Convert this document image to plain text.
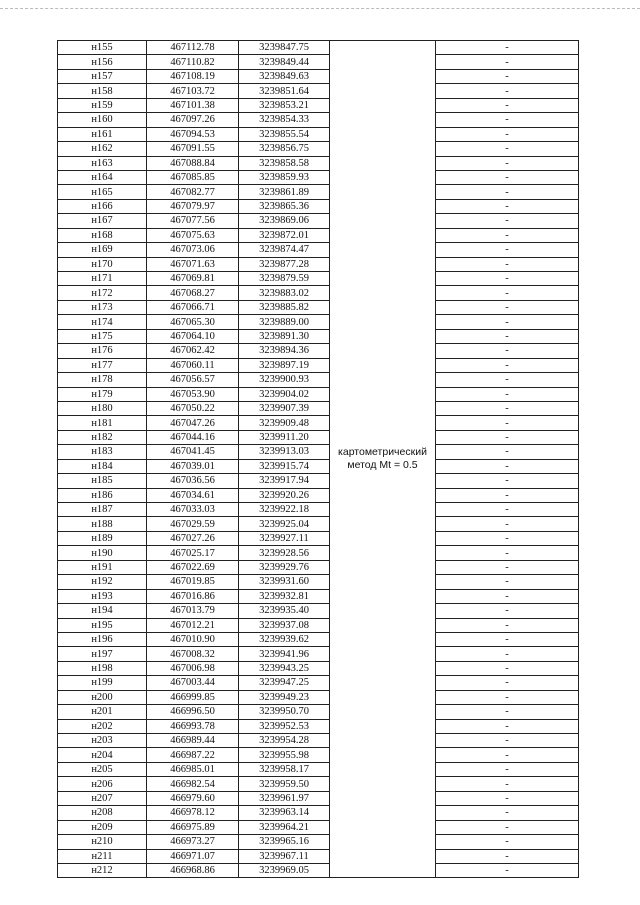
н155	467112.78	3239847.75	картометрический
метод Mt = 0.5	-
н156	467110.82	3239849.44		-
н157	467108.19	3239849.63		-
н158	467103.72	3239851.64		-
н159	467101.38	3239853.21		-
н160	467097.26	3239854.33		-
н161	467094.53	3239855.54		-
н162	467091.55	3239856.75		-
н163	467088.84	3239858.58		-
н164	467085.85	3239859.93		-
н165	467082.77	3239861.89		-
н166	467079.97	3239865.36		-
н167	467077.56	3239869.06		-
н168	467075.63	3239872.01		-
н169	467073.06	3239874.47		-
н170	467071.63	3239877.28		-
н171	467069.81	3239879.59		-
н172	467068.27	3239883.02		-
н173	467066.71	3239885.82		-
н174	467065.30	3239889.00		-
н175	467064.10	3239891.30		-
н176	467062.42	3239894.36		-
н177	467060.11	3239897.19		-
н178	467056.57	3239900.93		-
н179	467053.90	3239904.02		-
н180	467050.22	3239907.39		-
н181	467047.26	3239909.48		-
н182	467044.16	3239911.20		-
н183	467041.45	3239913.03		-
н184	467039.01	3239915.74		-
н185	467036.56	3239917.94		-
н186	467034.61	3239920.26		-
н187	467033.03	3239922.18		-
н188	467029.59	3239925.04		-
н189	467027.26	3239927.11		-
н190	467025.17	3239928.56		-
н191	467022.69	3239929.76		-
н192	467019.85	3239931.60		-
н193	467016.86	3239932.81		-
н194	467013.79	3239935.40		-
н195	467012.21	3239937.08		-
н196	467010.90	3239939.62		-
н197	467008.32	3239941.96		-
н198	467006.98	3239943.25		-
н199	467003.44	3239947.25		-
н200	466999.85	3239949.23		-
н201	466996.50	3239950.70		-
н202	466993.78	3239952.53		-
н203	466989.44	3239954.28		-
н204	466987.22	3239955.98		-
н205	466985.01	3239958.17		-
н206	466982.54	3239959.50		-
н207	466979.60	3239961.97		-
н208	466978.12	3239963.14		-
н209	466975.89	3239964.21		-
н210	466973.27	3239965.16		-
н211	466971.07	3239967.11		-
н212	466968.86	3239969.05		-
